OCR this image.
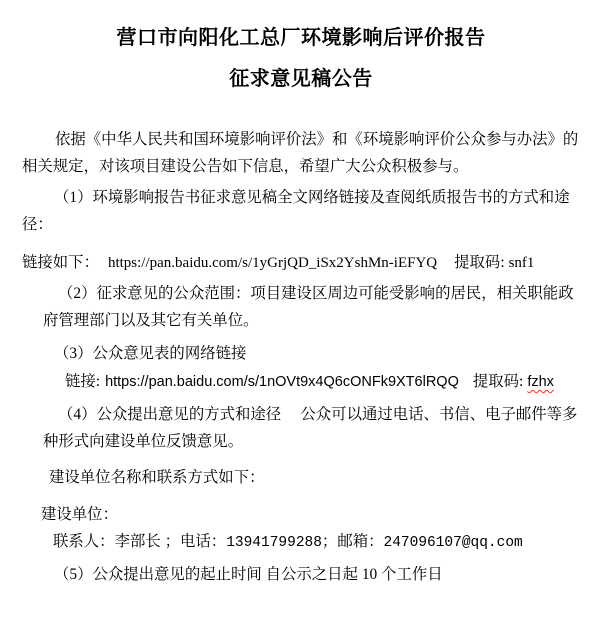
营口市向阳化工总厂环境影响后评价报告

征求意见稿公告

依据《中华人民共和国环境影响评价法》和《环境影响评价公众参与办法》的相关规定，对该项目建设公告如下信息，希望广大公众积极参与。

（1）环境影响报告书征求意见稿全文网络链接及查阅纸质报告书的方式和途径：

链接如下： https://pan.baidu.com/s/1yGrjQD_iSx2YshMn-iEFYQ 提取码: snf1

（2）征求意见的公众范围：项目建设区周边可能受影响的居民，相关职能政府管理部门以及其它有关单位。

（3）公众意见表的网络链接

链接: https://pan.baidu.com/s/1nOVt9x4Q6cONFk9XT6lRQQ 提取码: fzhx

（4）公众提出意见的方式和途径　 公众可以通过电话、书信、电子邮件等多种形式向建设单位反馈意见。

建设单位名称和联系方式如下：

建设单位：

联系人：李部长 ；电话：13941799288；邮箱：247096107@qq.com

（5）公众提出意见的起止时间 自公示之日起 10 个工作日
